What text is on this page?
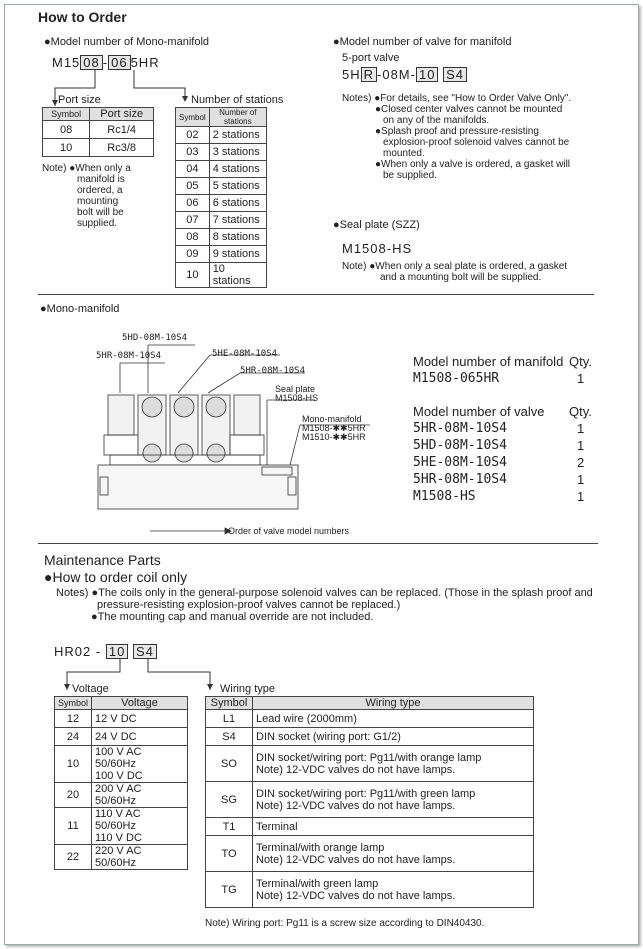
How to Order
●Model number of Mono-manifold
M15 08 - 06 5HR
Port size	Number of stations
Symbol	Port size
08	Rc1/4
10	Rc3/8
Note) ●When only a
manifold is
ordered, a
mounting
bolt will be
supplied.
Symbol	Number of stations
02	2 stations
03	3 stations
04	4 stations
05	5 stations
06	6 stations
07	7 stations
08	8 stations
09	9 stations
10	10 stations
●Model number of valve for manifold
5-port valve
5H R -08M- 10 S4
Notes) ●For details, see "How to Order Valve Only".
●Closed center valves cannot be mounted
on any of the manifolds.
●Splash proof and pressure-resisting
explosion-proof solenoid valves cannot be
mounted.
●When only a valve is ordered, a gasket will
be supplied.
●Seal plate (SZZ)
M1508-HS
Note) ●When only a seal plate is ordered, a gasket
and a mounting bolt will be supplied.
●Mono-manifold
5HD-08M-10S4
5HR-08M-10S4	5HE-08M-10S4
5HR-08M-10S4
Seal plate
M1508-HS
Mono-manifold
M1508-✱✱5HR
M1510-✱✱5HR
Order of valve model numbers
Model number of manifold Qty.
M1508-065HR	1
Model number of valve Qty.
5HR-08M-10S4	1
5HD-08M-10S4	1
5HE-08M-10S4	2
5HR-08M-10S4	1
M1508-HS	1
Maintenance Parts
●How to order coil only
Notes) ●The coils only in the general-purpose solenoid valves can be replaced. (Those in the splash proof and
pressure-resisting explosion-proof valves cannot be replaced.)
●The mounting cap and manual override are not included.
HR02 - 10 S4
Voltage	Wiring type
Symbol	Voltage
12	12 V DC
24	24 V DC
10	100 V AC 50/60Hz
100 V DC
20	200 V AC 50/60Hz
11	110 V AC 50/60Hz
110 V DC
22	220 V AC 50/60Hz
Symbol	Wiring type
L1	Lead wire (2000mm)
S4	DIN socket (wiring port: G1/2)
SO	DIN socket/wiring port: Pg11/with orange lamp
Note) 12-VDC valves do not have lamps.
SG	DIN socket/wiring port: Pg11/with green lamp
Note) 12-VDC valves do not have lamps.
T1	Terminal
TO	Terminal/with orange lamp
Note) 12-VDC valves do not have lamps.
TG	Terminal/with green lamp
Note) 12-VDC valves do not have lamps.
Note) Wiring port: Pg11 is a screw size according to DIN40430.
